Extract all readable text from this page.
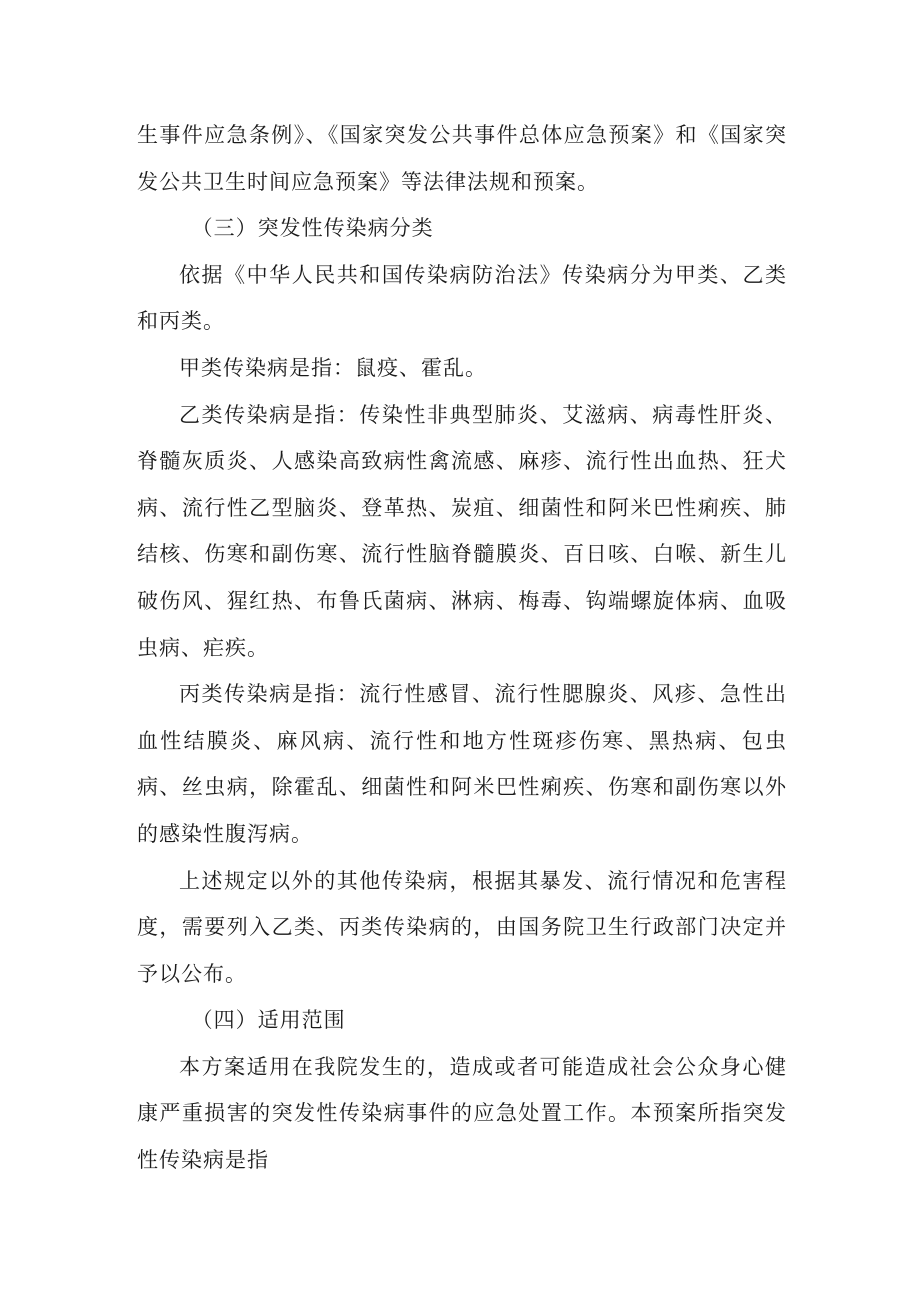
生事件应急条例》、《国家突发公共事件总体应急预案》和《国家突发公共卫生时间应急预案》等法律法规和预案。

（三）突发性传染病分类

依据《中华人民共和国传染病防治法》传染病分为甲类、乙类和丙类。

甲类传染病是指：鼠疫、霍乱。

乙类传染病是指：传染性非典型肺炎、艾滋病、病毒性肝炎、脊髓灰质炎、人感染高致病性禽流感、麻疹、流行性出血热、狂犬病、流行性乙型脑炎、登革热、炭疽、细菌性和阿米巴性痢疾、肺结核、伤寒和副伤寒、流行性脑脊髓膜炎、百日咳、白喉、新生儿破伤风、猩红热、布鲁氏菌病、淋病、梅毒、钩端螺旋体病、血吸虫病、疟疾。

丙类传染病是指：流行性感冒、流行性腮腺炎、风疹、急性出血性结膜炎、麻风病、流行性和地方性斑疹伤寒、黑热病、包虫病、丝虫病，除霍乱、细菌性和阿米巴性痢疾、伤寒和副伤寒以外的感染性腹泻病。

上述规定以外的其他传染病，根据其暴发、流行情况和危害程度，需要列入乙类、丙类传染病的，由国务院卫生行政部门决定并予以公布。

（四）适用范围

本方案适用在我院发生的，造成或者可能造成社会公众身心健康严重损害的突发性传染病事件的应急处置工作。本预案所指突发性传染病是指
